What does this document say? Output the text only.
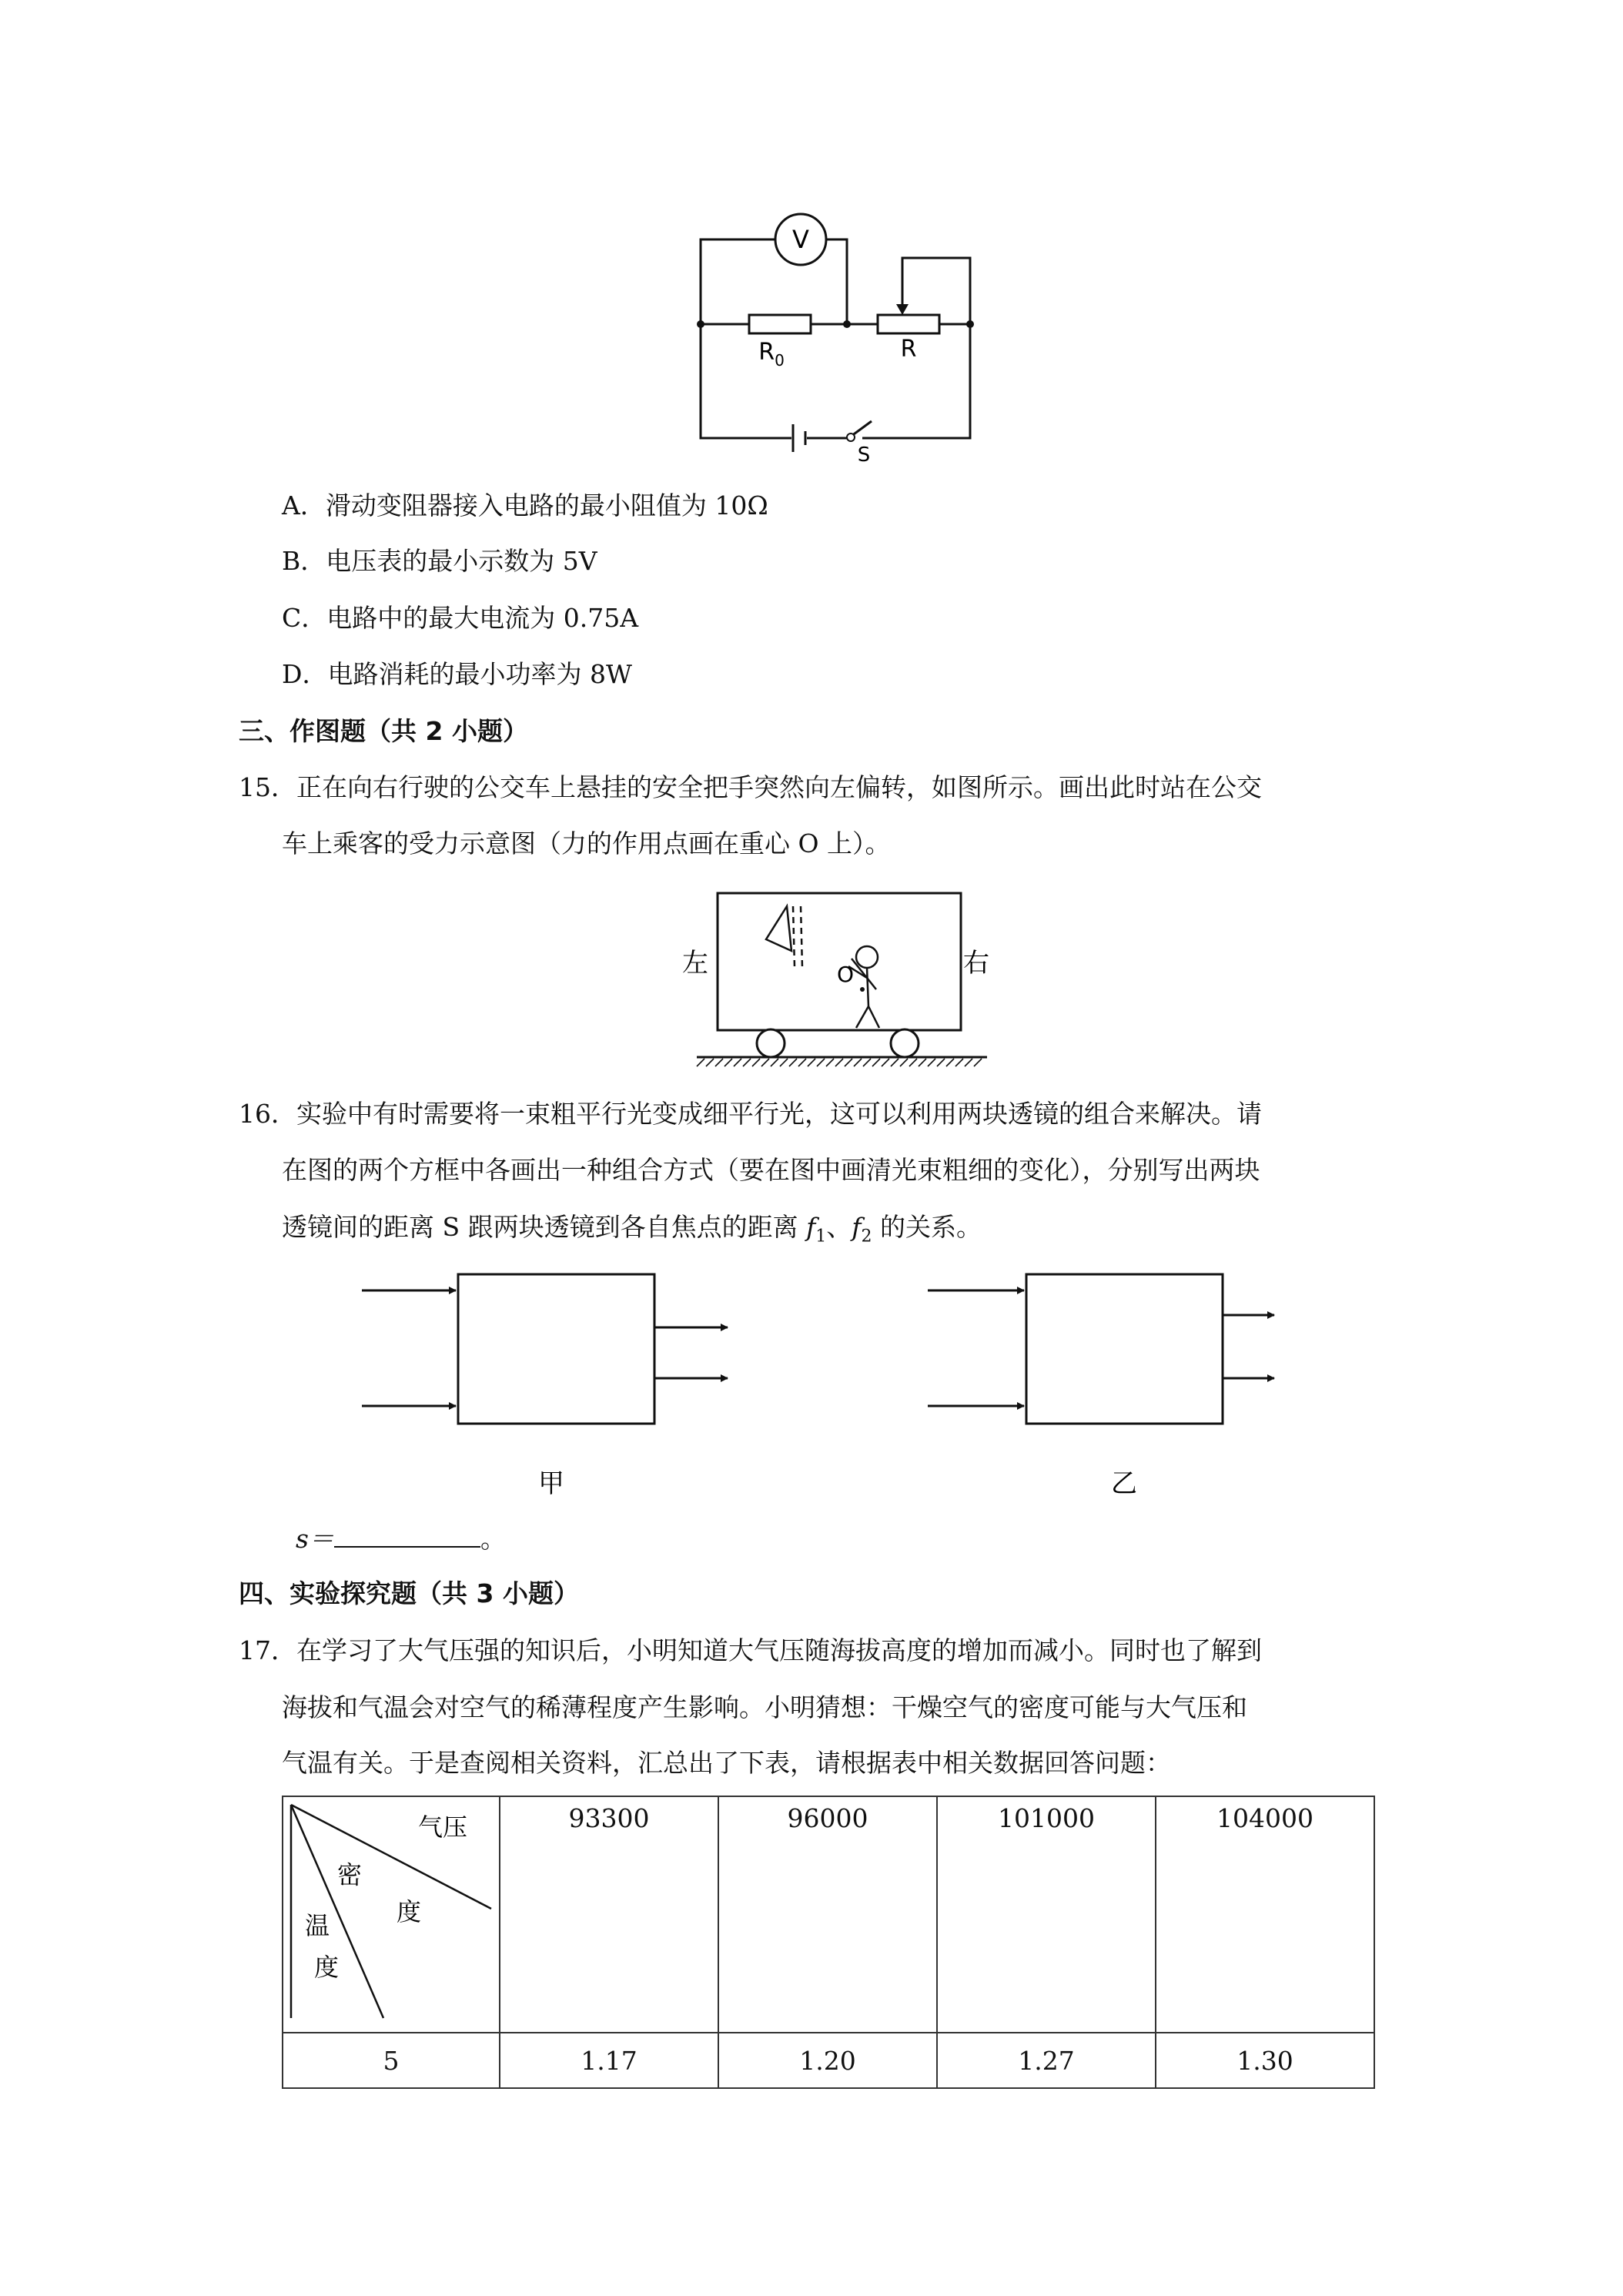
V
$R_0$	R
S
A．滑动变阻器接入电路的最小阻值为 10Ω
B．电压表的最小示数为 5V
C．电路中的最大电流为 0.75A
D．电路消耗的最小功率为 8W
三、作图题（共 2 小题）
15．正在向右行驶的公交车上悬挂的安全把手突然向左偏转，如图所示。画出此时站在公交
车上乘客的受力示意图（力的作用点画在重心 O 上）。
O
左	右
16．实验中有时需要将一束粗平行光变成细平行光，这可以利用两块透镜的组合来解决。请
在图的两个方框中各画出一种组合方式（要在图中画清光束粗细的变化），分别写出两块
透镜间的距离 S 跟两块透镜到各自焦点的距离 $f_1$、$f_2$ 的关系。
甲	乙
s＝	。
四、实验探究题（共 3 小题）
17．在学习了大气压强的知识后，小明知道大气压随海拔高度的增加而减小。同时也了解到
海拔和气温会对空气的稀薄程度产生影响。小明猜想：干燥空气的密度可能与大气压和
气温有关。于是查阅相关资料，汇总出了下表，请根据表中相关数据回答问题：
气压
密
度
温
度	93300	96000	101000	104000
5	1.17	1.20	1.27	1.30
